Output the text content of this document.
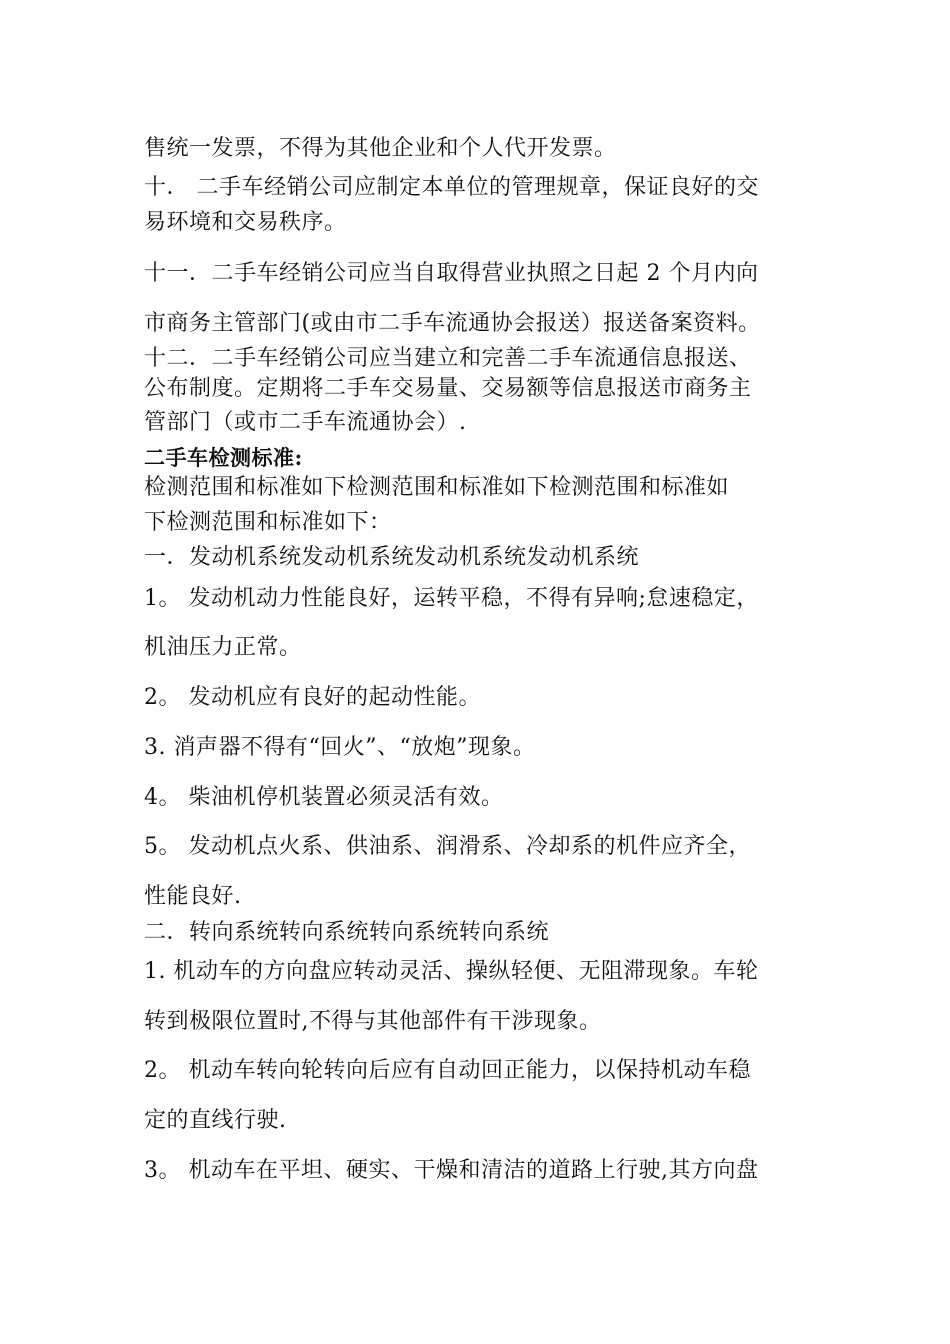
售统一发票，不得为其他企业和个人代开发票。
十． 二手车经销公司应制定本单位的管理规章，保证良好的交
易环境和交易秩序。
十一．二手车经销公司应当自取得营业执照之日起 2 个月内向
市商务主管部门(或由市二手车流通协会报送）报送备案资料。
十二．二手车经销公司应当建立和完善二手车流通信息报送、
公布制度。定期将二手车交易量、交易额等信息报送市商务主
管部门（或市二手车流通协会）.
二手车检测标准:
检测范围和标准如下检测范围和标准如下检测范围和标准如
下检测范围和标准如下：
一．发动机系统发动机系统发动机系统发动机系统
1。 发动机动力性能良好，运转平稳，不得有异响;怠速稳定，
机油压力正常。
2。 发动机应有良好的起动性能。
3. 消声器不得有“回火”、“放炮”现象。
4。 柴油机停机装置必须灵活有效。
5。 发动机点火系、供油系、润滑系、冷却系的机件应齐全，
性能良好.
二．转向系统转向系统转向系统转向系统
1. 机动车的方向盘应转动灵活、操纵轻便、无阻滞现象。车轮
转到极限位置时,不得与其他部件有干涉现象。
2。 机动车转向轮转向后应有自动回正能力，以保持机动车稳
定的直线行驶.
3。 机动车在平坦、硬实、干燥和清洁的道路上行驶,其方向盘
